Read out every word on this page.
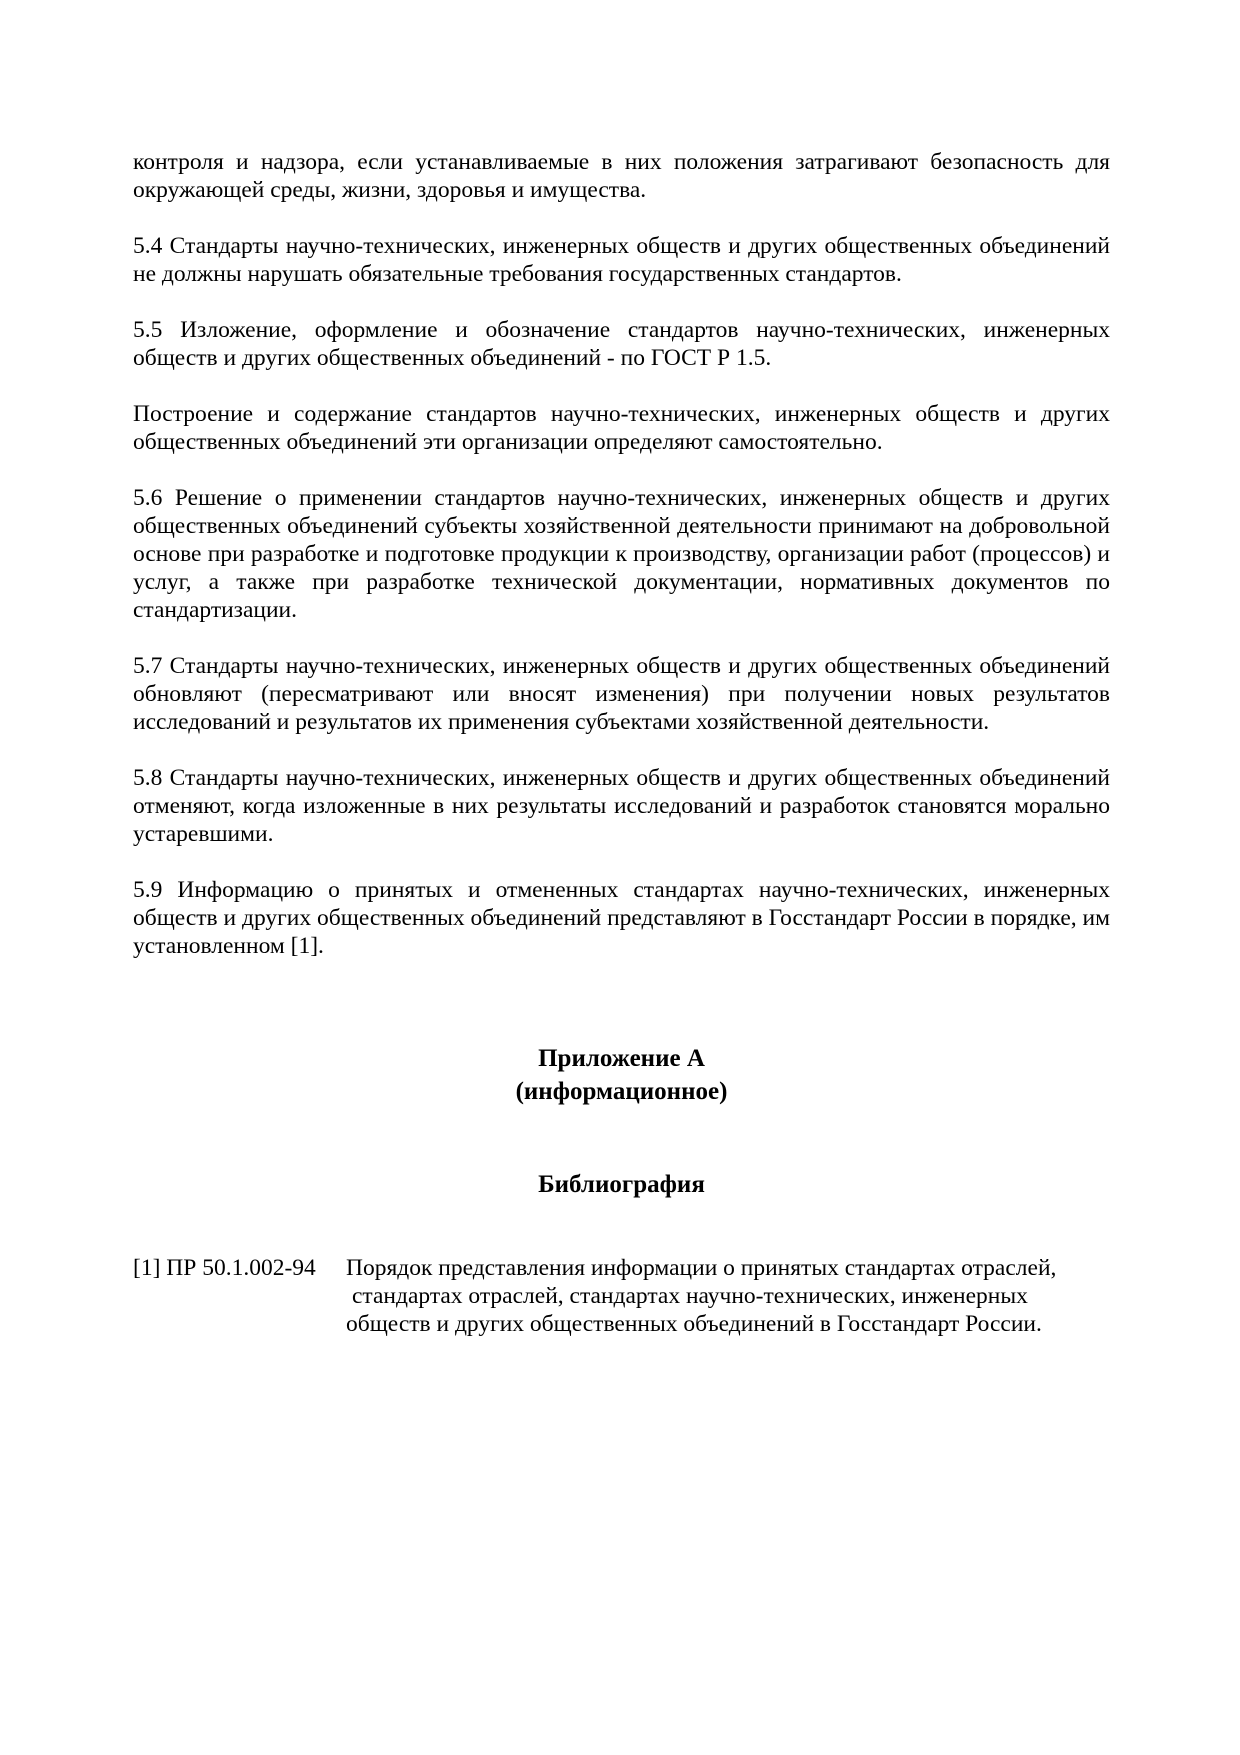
контроля и надзора, если устанавливаемые в них положения затрагивают безопасность для окружающей среды, жизни, здоровья и имущества.

5.4 Стандарты научно-технических, инженерных обществ и других общественных объединений не должны нарушать обязательные требования государственных стандартов.

5.5 Изложение, оформление и обозначение стандартов научно-технических, инженерных обществ и других общественных объединений - по ГОСТ Р 1.5.

Построение и содержание стандартов научно-технических, инженерных обществ и других общественных объединений эти организации определяют самостоятельно.

5.6 Решение о применении стандартов научно-технических, инженерных обществ и других общественных объединений субъекты хозяйственной деятельности принимают на добровольной основе при разработке и подготовке продукции к производству, организации работ (процессов) и услуг, а также при разработке технической документации, нормативных документов по стандартизации.

5.7 Стандарты научно-технических, инженерных обществ и других общественных объединений обновляют (пересматривают или вносят изменения) при получении новых результатов исследований и результатов их применения субъектами хозяйственной деятельности.

5.8 Стандарты научно-технических, инженерных обществ и других общественных объединений отменяют, когда изложенные в них результаты исследований и разработок становятся морально устаревшими.

5.9 Информацию о принятых и отмененных стандартах научно-технических, инженерных обществ и других общественных объединений представляют в Госстандарт России в порядке, им установленном [1].

Приложение А
(информационное)
Библиография
[1] ПР 50.1.002-94	Порядок представления информации о принятых стандартах отраслей,
стандартах отраслей, стандартах научно-технических, инженерных
обществ и других общественных объединений в Госстандарт России.
